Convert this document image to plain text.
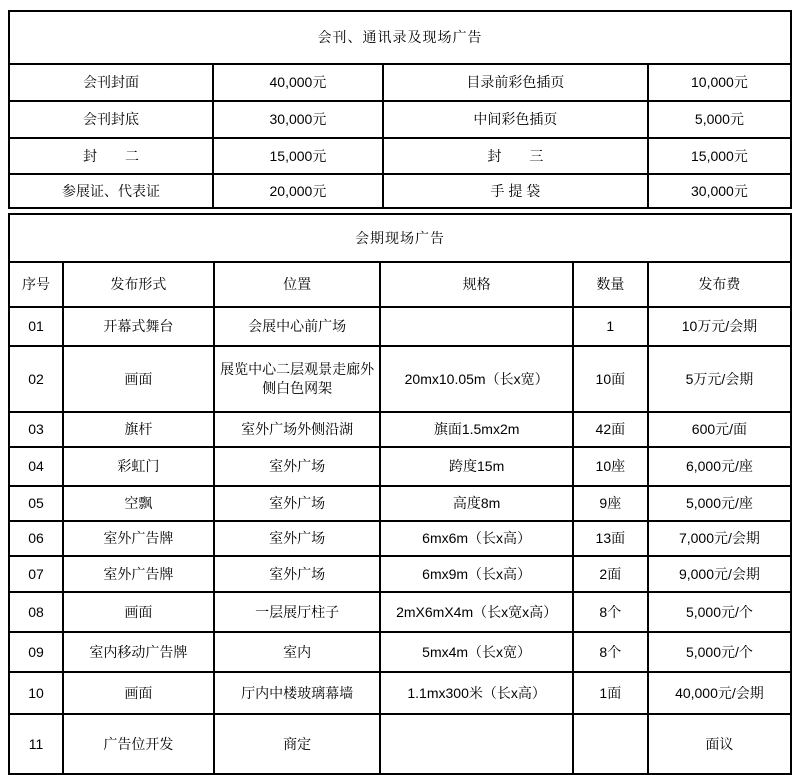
会刊、通讯录及现场广告			
会刊封面	40,000元	目录前彩色插页	10,000元
会刊封底	30,000元	中间彩色插页	5,000元
封　　二	15,000元	封　　三	15,000元
参展证、代表证	20,000元	手 提 袋	30,000元
会期现场广告					
序号	发布形式	位置	规格	数量	发布费
01	开幕式舞台	会展中心前广场		1	10万元/会期
02	画面	展览中心二层观景走廊外侧白色网架	20mx10.05m（长x宽）	10面	5万元/会期
03	旗杆	室外广场外侧沿湖	旗面1.5mx2m	42面	600元/面
04	彩虹门	室外广场	跨度15m	10座	6,000元/座
05	空飘	室外广场	高度8m	9座	5,000元/座
06	室外广告牌	室外广场	6mx6m（长x高）	13面	7,000元/会期
07	室外广告牌	室外广场	6mx9m（长x高）	2面	9,000元/会期
08	画面	一层展厅柱子	2mX6mX4m（长x宽x高）	8个	5,000元/个
09	室内移动广告牌	室内	5mx4m（长x宽）	8个	5,000元/个
10	画面	厅内中楼玻璃幕墙	1.1mx300米（长x高）	1面	40,000元/会期
11	广告位开发	商定			面议
